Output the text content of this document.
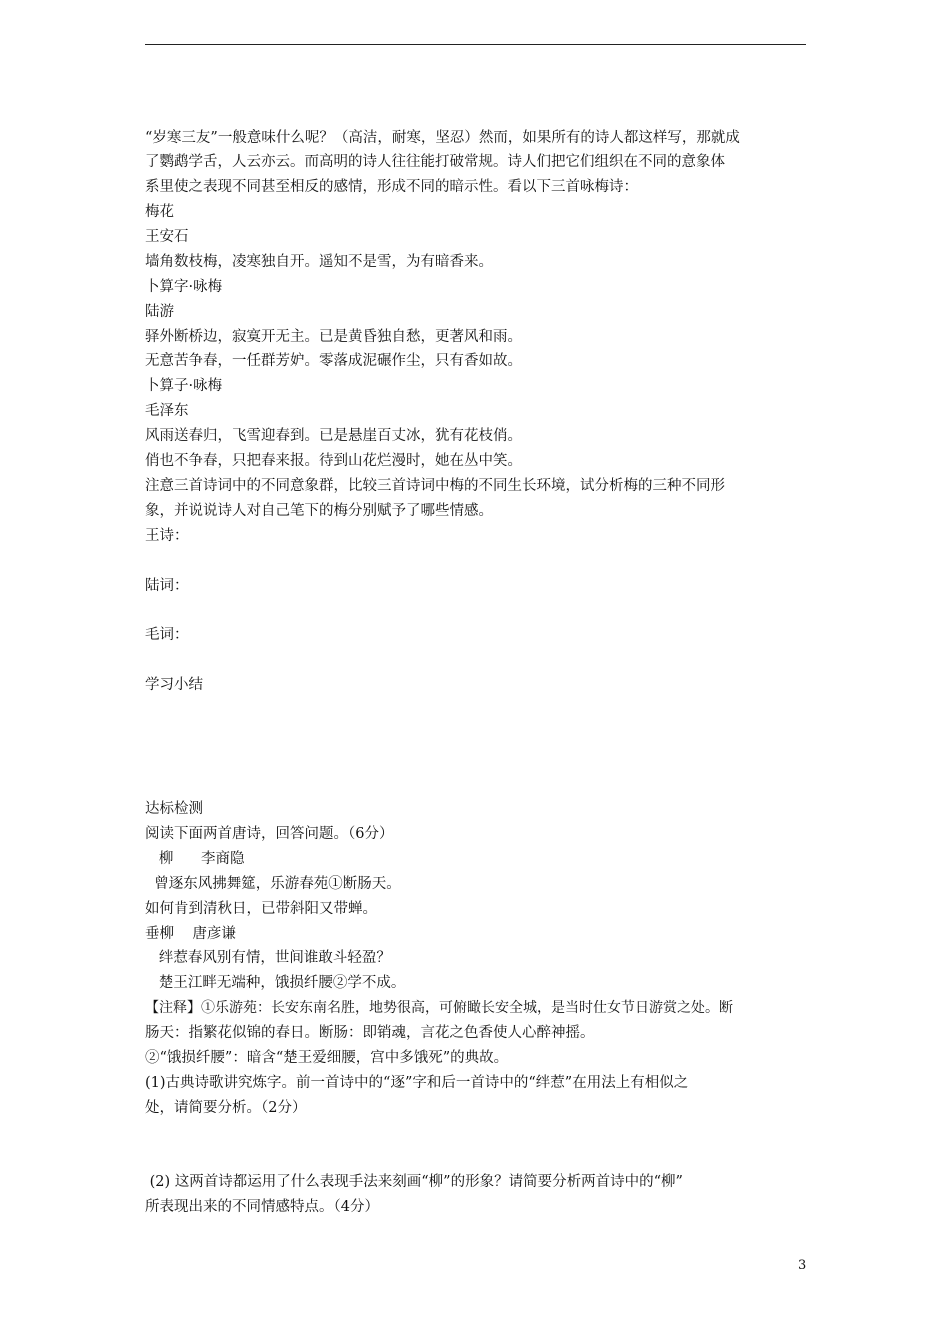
“岁寒三友”一般意味什么呢？（高洁，耐寒，坚忍）然而，如果所有的诗人都这样写，那就成
了鹦鹉学舌，人云亦云。而高明的诗人往往能打破常规。诗人们把它们组织在不同的意象体
系里使之表现不同甚至相反的感情，形成不同的暗示性。看以下三首咏梅诗：
梅花
王安石
墙角数枝梅，凌寒独自开。遥知不是雪，为有暗香来。
卜算字·咏梅
陆游
驿外断桥边，寂寞开无主。已是黄昏独自愁，更著风和雨。
无意苦争春，一任群芳妒。零落成泥碾作尘，只有香如故。
卜算子·咏梅
毛泽东
风雨送春归，飞雪迎春到。已是悬崖百丈冰，犹有花枝俏。
俏也不争春，只把春来报。待到山花烂漫时，她在丛中笑。
注意三首诗词中的不同意象群，比较三首诗词中梅的不同生长环境，试分析梅的三种不同形
象，并说说诗人对自己笔下的梅分别赋予了哪些情感。
王诗：
陆词：
毛词：
学习小结
达标检测
阅读下面两首唐诗，回答问题。（6分）
柳      李商隐
曾逐东风拂舞筵，乐游春苑①断肠天。
如何肯到清秋日，已带斜阳又带蝉。
垂柳    唐彦谦
绊惹春风别有情，世间谁敢斗轻盈？
楚王江畔无端种，饿损纤腰②学不成。
【注释】①乐游苑：长安东南名胜，地势很高，可俯瞰长安全城，是当时仕女节日游赏之处。断
肠天：指繁花似锦的春日。断肠：即销魂，言花之色香使人心醉神摇。
②“饿损纤腰”：暗含“楚王爱细腰，宫中多饿死”的典故。
(1)古典诗歌讲究炼字。前一首诗中的“逐”字和后一首诗中的“绊惹”在用法上有相似之
处，请简要分析。（2分）
(2) 这两首诗都运用了什么表现手法来刻画“柳”的形象？请简要分析两首诗中的“柳”
所表现出来的不同情感特点。（4分）
3
